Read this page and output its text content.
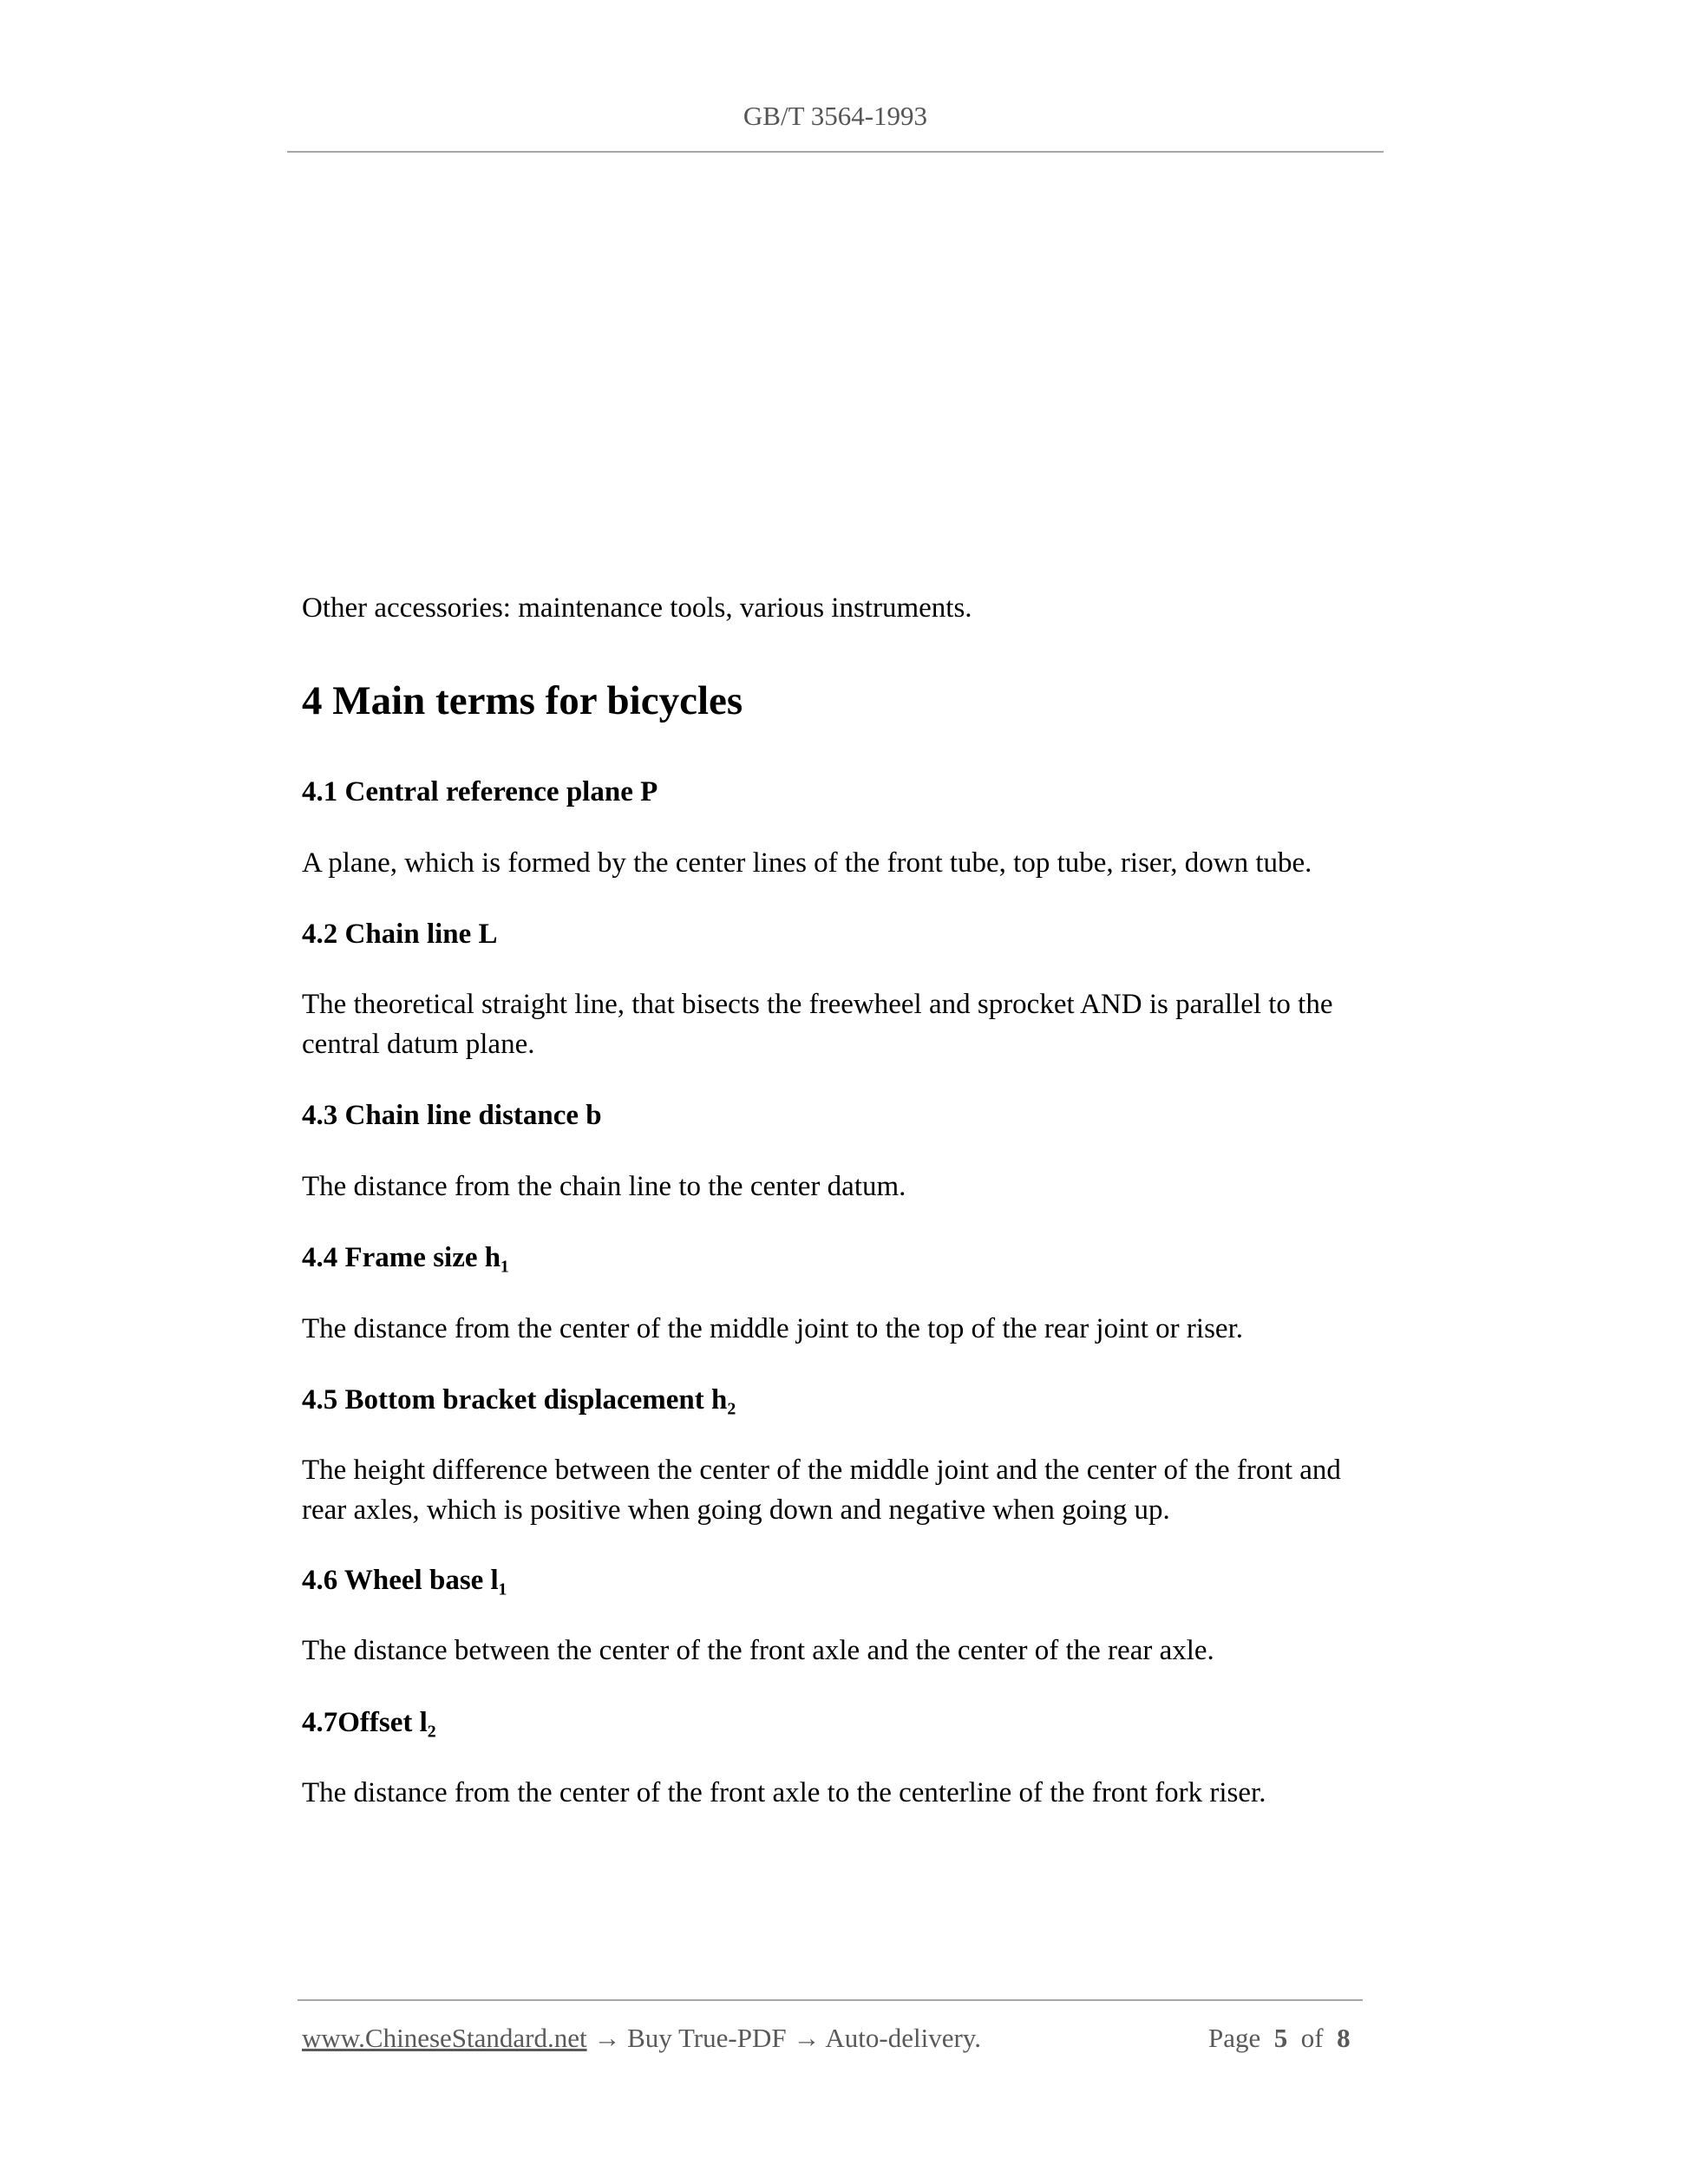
GB/T 3564-1993
Other accessories: maintenance tools, various instruments.
4 Main terms for bicycles
4.1 Central reference plane P
A plane, which is formed by the center lines of the front tube, top tube, riser, down tube.
4.2 Chain line L
The theoretical straight line, that bisects the freewheel and sprocket AND is parallel to the central datum plane.
4.3 Chain line distance b
The distance from the chain line to the center datum.
4.4 Frame size h₁
The distance from the center of the middle joint to the top of the rear joint or riser.
4.5 Bottom bracket displacement h₂
The height difference between the center of the middle joint and the center of the front and rear axles, which is positive when going down and negative when going up.
4.6 Wheel base l₁
The distance between the center of the front axle and the center of the rear axle.
4.7Offset l₂
The distance from the center of the front axle to the centerline of the front fork riser.
www.ChineseStandard.net → Buy True-PDF → Auto-delivery.	Page 5 of 8
